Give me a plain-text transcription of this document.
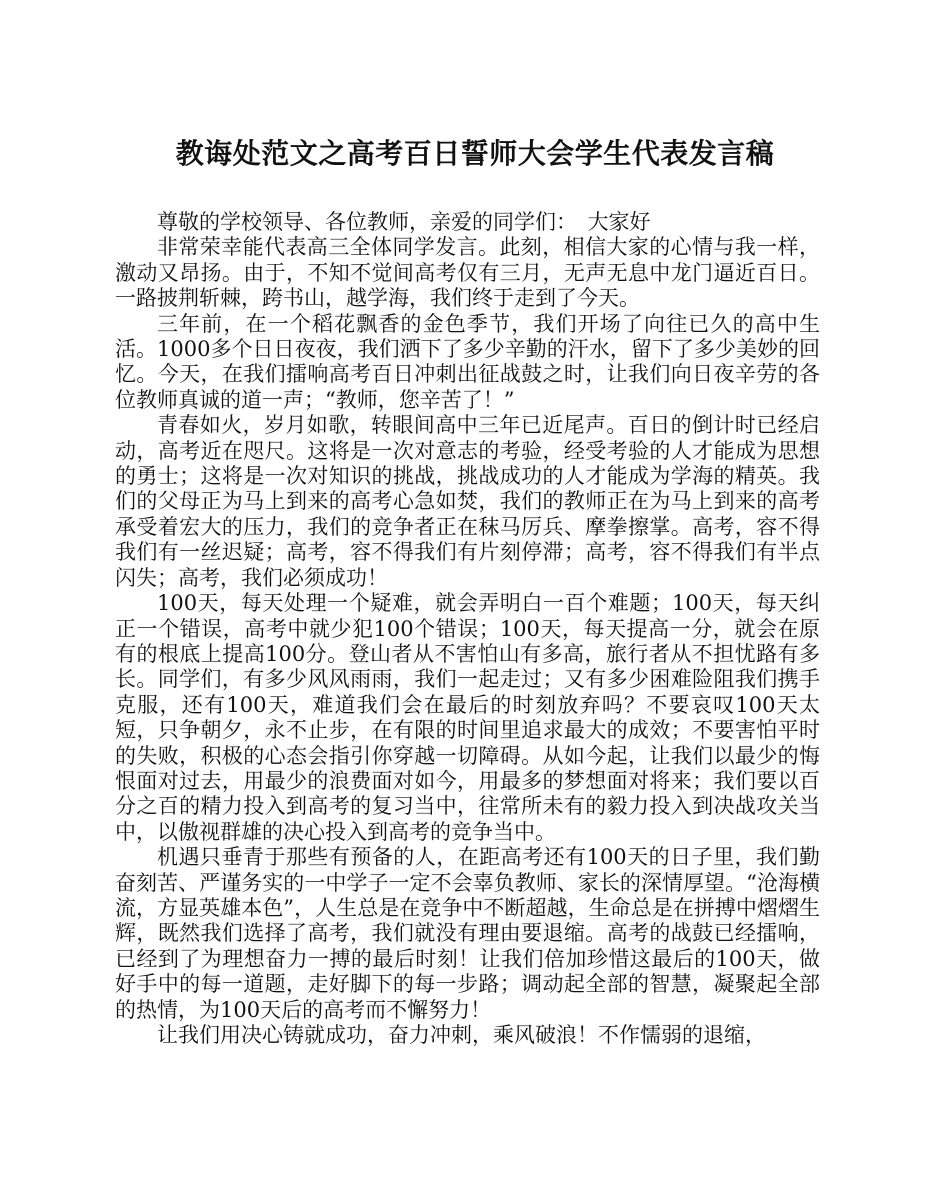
教诲处范文之高考百日誓师大会学生代表发言稿

尊敬的学校领导、各位教师，亲爱的同学们：　大家好

非常荣幸能代表高三全体同学发言。此刻，相信大家的心情与我一样，激动又昂扬。由于，不知不觉间高考仅有三月，无声无息中龙门逼近百日。一路披荆斩棘，跨书山，越学海，我们终于走到了今天。

三年前，在一个稻花飘香的金色季节，我们开场了向往已久的高中生活。1000多个日日夜夜，我们洒下了多少辛勤的汗水，留下了多少美妙的回忆。今天，在我们擂响高考百日冲刺出征战鼓之时，让我们向日夜辛劳的各位教师真诚的道一声；“教师，您辛苦了！”

青春如火，岁月如歌，转眼间高中三年已近尾声。百日的倒计时已经启动，高考近在咫尺。这将是一次对意志的考验，经受考验的人才能成为思想的勇士；这将是一次对知识的挑战，挑战成功的人才能成为学海的精英。我们的父母正为马上到来的高考心急如焚，我们的教师正在为马上到来的高考承受着宏大的压力，我们的竞争者正在秣马厉兵、摩拳擦掌。高考，容不得我们有一丝迟疑；高考，容不得我们有片刻停滞；高考，容不得我们有半点闪失；高考，我们必须成功！

100天，每天处理一个疑难，就会弄明白一百个难题；100天，每天纠正一个错误，高考中就少犯100个错误；100天，每天提高一分，就会在原有的根底上提高100分。登山者从不害怕山有多高，旅行者从不担忧路有多长。同学们，有多少风风雨雨，我们一起走过；又有多少困难险阻我们携手克服，还有100天，难道我们会在最后的时刻放弃吗？不要哀叹100天太短，只争朝夕，永不止步，在有限的时间里追求最大的成效；不要害怕平时的失败，积极的心态会指引你穿越一切障碍。从如今起，让我们以最少的悔恨面对过去，用最少的浪费面对如今，用最多的梦想面对将来；我们要以百分之百的精力投入到高考的复习当中，往常所未有的毅力投入到决战攻关当中，以傲视群雄的决心投入到高考的竞争当中。

机遇只垂青于那些有预备的人，在距高考还有100天的日子里，我们勤奋刻苦、严谨务实的一中学子一定不会辜负教师、家长的深情厚望。“沧海横流，方显英雄本色”，人生总是在竞争中不断超越，生命总是在拼搏中熠熠生辉，既然我们选择了高考，我们就没有理由要退缩。高考的战鼓已经擂响，已经到了为理想奋力一搏的最后时刻！让我们倍加珍惜这最后的100天，做好手中的每一道题，走好脚下的每一步路；调动起全部的智慧，凝聚起全部的热情，为100天后的高考而不懈努力！

让我们用决心铸就成功，奋力冲刺，乘风破浪！不作懦弱的退缩，
